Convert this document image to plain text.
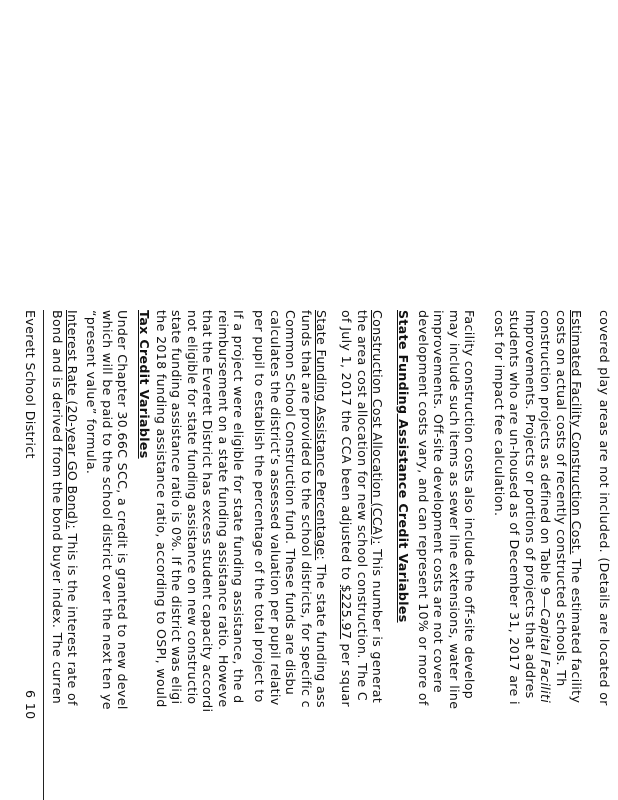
covered play areas are not included. (Details are located or
Estimated Facility Construction Cost. The estimated facility
costs on actual costs of recently constructed schools. Th
construction projects as defined on Table 9—Capital Faciliti
Improvements. Projects or portions of projects that addres
students who are un-housed as of December 31, 2017 are i
cost for impact fee calculation.
Facility construction costs also include the off-site develop
may include such items as sewer line extensions, water line
improvements. Off-site development costs are not covere
development costs vary, and can represent 10% or more of
State Funding Assistance Credit Variables
Construction Cost Allocation (CCA): This number is generat
the area cost allocation for new school construction. The C
of July 1, 2017 the CCA been adjusted to $225.97 per squar
State Funding Assistance Percentage: The state funding ass
funds that are provided to the school districts, for specific c
Common School Construction fund. These funds are disbu
calculates the district’s assessed valuation per pupil relativ
per pupil to establish the percentage of the total project to
If a project were eligible for state funding assistance, the d
reimbursement on a state funding assistance ratio. Howeve
that the Everett District has excess student capacity accordi
not eligible for state funding assistance on new constructio
state funding assistance ratio is 0%. If the district was eligi
the 2018 funding assistance ratio, according to OSPI, would
Tax Credit Variables
Under Chapter 30.66C SCC, a credit is granted to new devel
which will be paid to the school district over the next ten ye
“present value” formula.
Interest Rate (20-year GO Bond): This is the interest rate of
Bond and is derived from the bond buyer index. The curren
Everett School District
6 10
